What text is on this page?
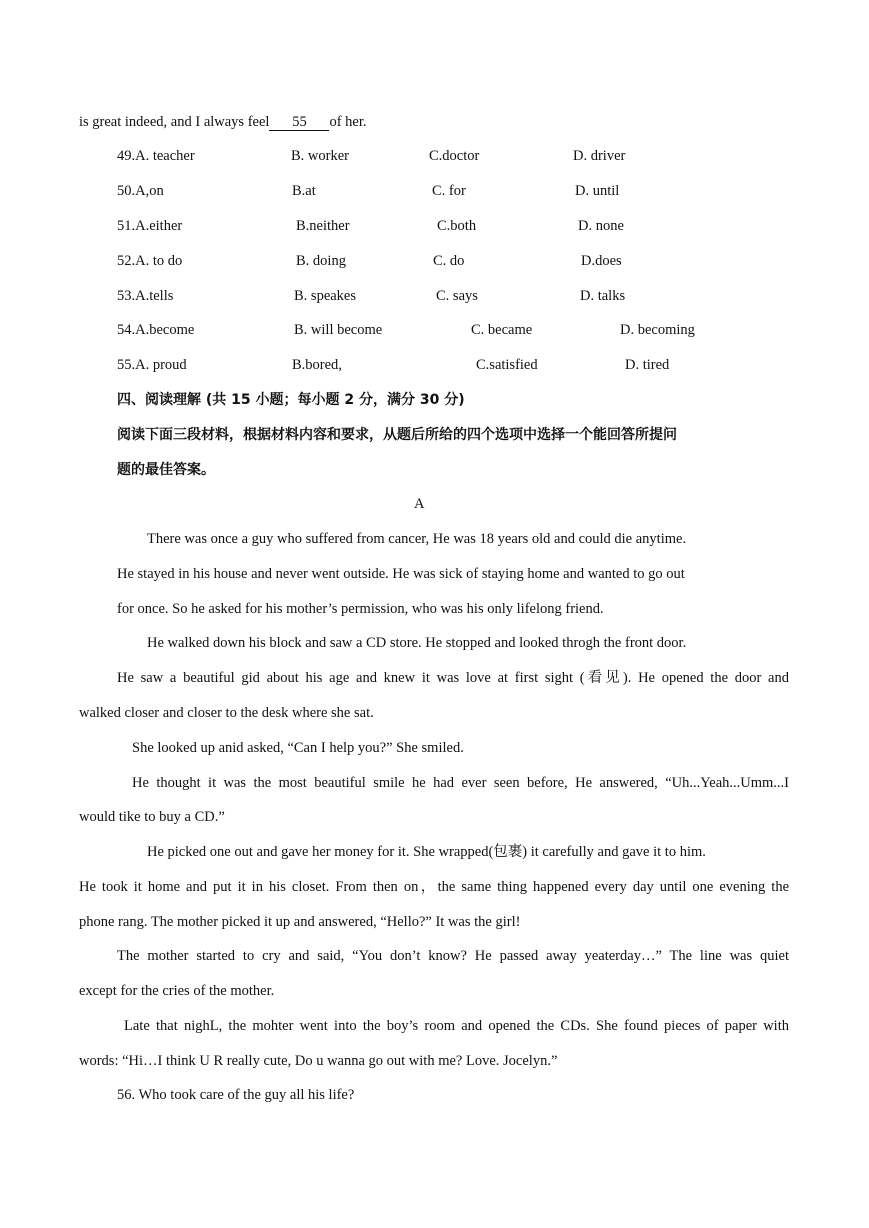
is great indeed, and I always feel 55 of her.
49.A. teacher	B. worker	C.doctor	D. driver
50.A,on	B.at	C. for	D. until
51.A.either	B.neither	C.both	D. none
52.A. to do	B. doing	C. do	D.does
53.A.tells	B. speakes	C. says	D. talks
54.A.become	B. will become	C. became	D. becoming
55.A. proud	B.bored,	C.satisfied	D. tired
四、阅读理解 (共 15 小题；每小题 2 分，满分 30 分)
阅读下面三段材料，根据材料内容和要求，从题后所给的四个选项中选择一个能回答所提问
题的最佳答案。
A
There was once a guy who suffered from cancer, He was 18 years old and could die anytime.
He stayed in his house and never went outside. He was sick of staying home and wanted to go out
for once. So he asked for his mother’s permission, who was his only lifelong friend.
He walked down his block and saw a CD store. He stopped and looked throgh the front door.
He saw a beautiful gid about his age and knew it was love at first sight (看见). He opened the door and
walked closer and closer to the desk where she sat.
She looked up anid asked, “Can I help you?” She smiled.
He thought it was the most beautiful smile he had ever seen before, He answered, “Uh...Yeah...Umm...I
would tike to buy a CD.”
He picked one out and gave her money for it. She wrapped(包裹) it carefully and gave it to him.
He took it home and put it in his closet. From then on，the same thing happened every day until one evening the
phone rang. The mother picked it up and answered, “Hello?” It was the girl!
The mother started to cry and said, “You don’t know? He passed away yeaterday…” The line was quiet
except for the cries of the mother.
Late that nighL, the mohter went into the boy’s room and opened the CDs. She found pieces of paper with
words: “Hi…I think U R really cute, Do u wanna go out with me? Love. Jocelyn.”
56. Who took care of the guy all his life?
